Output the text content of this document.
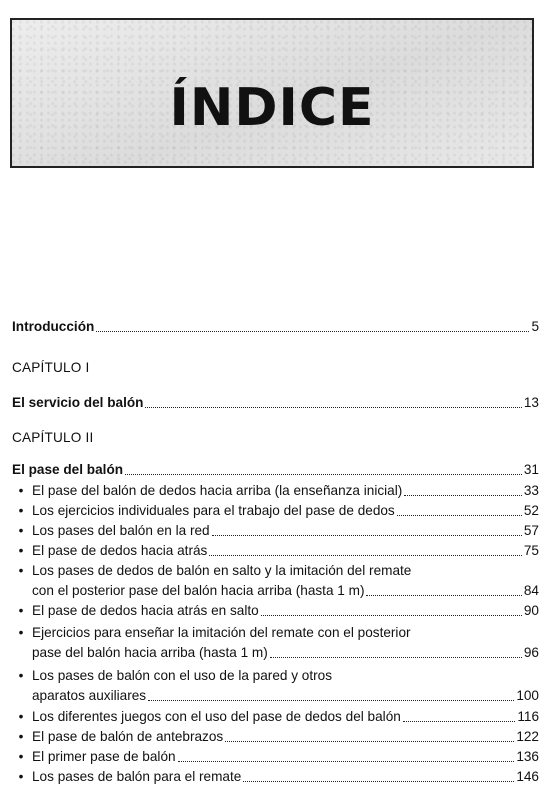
ÍNDICE
Introducción	5
CAPÍTULO I
El servicio del balón	13
CAPÍTULO II
El pase del balón	31
• El pase del balón de dedos hacia arriba (la enseñanza inicial)	33
• Los ejercicios individuales para el trabajo del pase de dedos	52
• Los pases del balón en la red	57
• El pase de dedos hacia atrás	75
• Los pases de dedos de balón en salto y la imitación del remate
con el posterior pase del balón hacia arriba (hasta 1 m)	84
• El pase de dedos hacia atrás en salto	90
• Ejercicios para enseñar la imitación del remate con el posterior
pase del balón hacia arriba (hasta 1 m)	96
• Los pases de balón con el uso de la pared y otros
aparatos auxiliares	100
• Los diferentes juegos con el uso del pase de dedos del balón	116
• El pase de balón de antebrazos	122
• El primer pase de balón	136
• Los pases de balón para el remate	146
